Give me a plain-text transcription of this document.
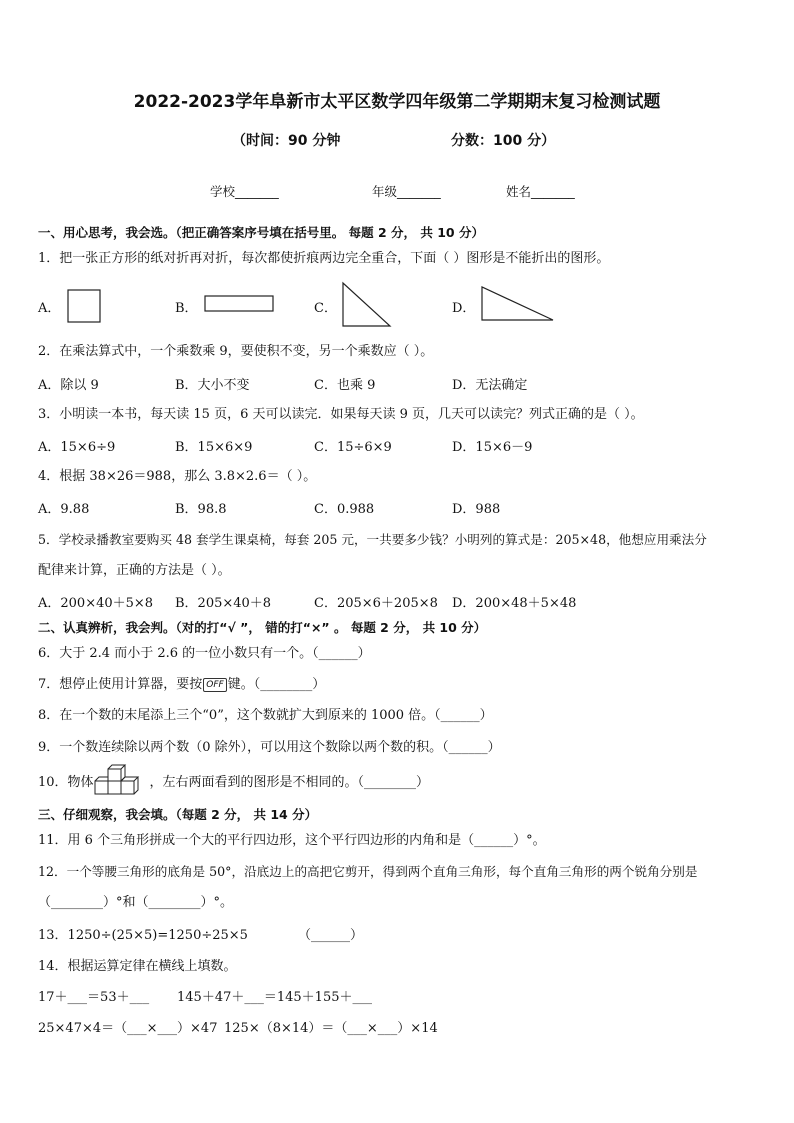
2022-2023学年阜新市太平区数学四年级第二学期期末复习检测试题
（时间：90 分钟	分数：100 分）
学校_______	年级_______	姓名_______
一、用心思考，我会选。（把正确答案序号填在括号里。 每题 2 分， 共 10 分）
1．把一张正方形的纸对折再对折，每次都使折痕两边完全重合，下面（ ）图形是不能折出的图形。
A．	B．	C．	D．
2．在乘法算式中，一个乘数乘 9，要使积不变，另一个乘数应（ ）。
A．除以 9	B．大小不变	C．也乘 9	D．无法确定
3．小明读一本书，每天读 15 页，6 天可以读完．如果每天读 9 页，几天可以读完？列式正确的是（ ）。
A．15×6÷9	B．15×6×9	C．15÷6×9	D．15×6－9
4．根据 38×26＝988，那么 3.8×2.6＝（ ）。
A．9.88	B．98.8	C．0.988	D．988
5．学校录播教室要购买 48 套学生课桌椅，每套 205 元，一共要多少钱？小明列的算式是：205×48，他想应用乘法分
配律来计算，正确的方法是（ ）。
A．200×40＋5×8 B．205×40＋8	C．205×6＋205×8 D．200×48＋5×48
二、认真辨析，我会判。（对的打“√ ”， 错的打“×” 。 每题 2 分， 共 10 分）
6．大于 2.4 而小于 2.6 的一位小数只有一个。（______）
7．想停止使用计算器，要按 OFF 键。（________）
8．在一个数的末尾添上三个“0”，这个数就扩大到原来的 1000 倍。（______）
9．一个数连续除以两个数（0 除外），可以用这个数除以两个数的积。（______）
10．物体	，左右两面看到的图形是不相同的。（________）
三、仔细观察，我会填。（每题 2 分， 共 14 分）
11．用 6 个三角形拼成一个大的平行四边形，这个平行四边形的内角和是（______）°。
12．一个等腰三角形的底角是 50°，沿底边上的高把它剪开，得到两个直角三角形，每个直角三角形的两个锐角分别是
（________）°和（________）°。
13．1250÷(25×5)=1250÷25×5	（______）
14．根据运算定律在横线上填数。
17＋___＝53＋___ 145＋47＋___＝145＋155＋___
25×47×4＝（___×___）×47 125×（8×14）＝（___×___）×14
